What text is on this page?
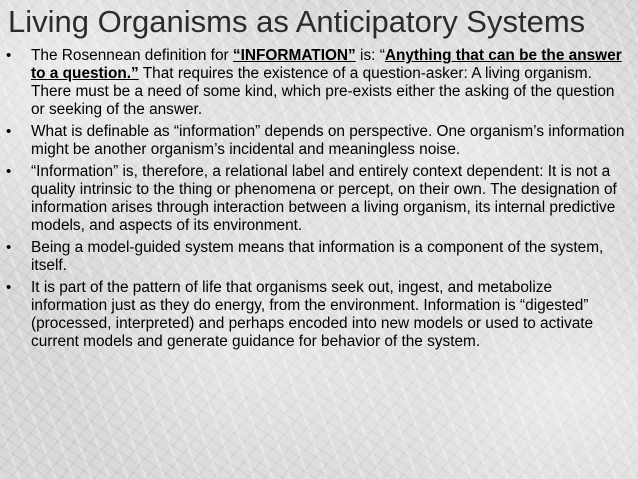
Living Organisms as Anticipatory Systems
• The Rosennean definition for “INFORMATION” is: “Anything that can be the answer to a question.” That requires the existence of a question-asker: A living organism. There must be a need of some kind, which pre-exists either the asking of the question or seeking of the answer.
• What is definable as “information” depends on perspective. One organism’s information might be another organism’s incidental and meaningless noise.
• “Information” is, therefore, a relational label and entirely context dependent: It is not a quality intrinsic to the thing or phenomena or percept, on their own. The designation of information arises through interaction between a living organism, its internal predictive models, and aspects of its environment.
• Being a model-guided system means that information is a component of the system, itself.
• It is part of the pattern of life that organisms seek out, ingest, and metabolize information just as they do energy, from the environment. Information is “digested” (processed, interpreted) and perhaps encoded into new models or used to activate current models and generate guidance for behavior of the system.
